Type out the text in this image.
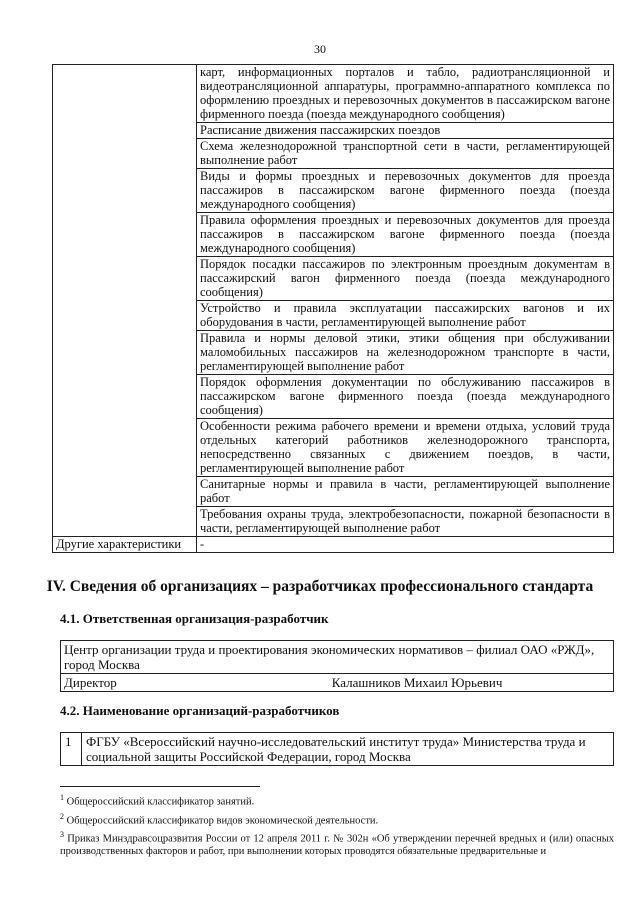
30
	карт, информационных порталов и табло, радиотрансляционной и видеотрансляционной аппаратуры, программно-аппаратного комплекса по оформлению проездных и перевозочных документов в пассажирском вагоне фирменного поезда (поезда международного сообщения)
	Расписание движения пассажирских поездов
	Схема железнодорожной транспортной сети в части, регламентирующей выполнение работ
	Виды и формы проездных и перевозочных документов для проезда пассажиров в пассажирском вагоне фирменного поезда (поезда международного сообщения)
	Правила оформления проездных и перевозочных документов для проезда пассажиров в пассажирском вагоне фирменного поезда (поезда международного сообщения)
	Порядок посадки пассажиров по электронным проездным документам в пассажирский вагон фирменного поезда (поезда международного сообщения)
	Устройство и правила эксплуатации пассажирских вагонов и их оборудования в части, регламентирующей выполнение работ
	Правила и нормы деловой этики, этики общения при обслуживании маломобильных пассажиров на железнодорожном транспорте в части, регламентирующей выполнение работ
	Порядок оформления документации по обслуживанию пассажиров в пассажирском вагоне фирменного поезда (поезда международного сообщения)
	Особенности режима рабочего времени и времени отдыха, условий труда отдельных категорий работников железнодорожного транспорта, непосредственно связанных с движением поездов, в части, регламентирующей выполнение работ
	Санитарные нормы и правила в части, регламентирующей выполнение работ
	Требования охраны труда, электробезопасности, пожарной безопасности в части, регламентирующей выполнение работ
Другие характеристики	-
IV. Сведения об организациях – разработчиках профессионального стандарта
4.1. Ответственная организация-разработчик
Центр организации труда и проектирования экономических нормативов – филиал ОАО «РЖД», город Москва
Директор	Калашников Михаил Юрьевич
4.2. Наименование организаций-разработчиков
1	ФГБУ «Всероссийский научно-исследовательский институт труда» Министерства труда и социальной защиты Российской Федерации, город Москва

$^1$ Общероссийский классификатор занятий.

$^2$ Общероссийский классификатор видов экономической деятельности.

$^3$ Приказ Минздравсоцразвития России от 12 апреля 2011 г. № 302н «Об утверждении перечней вредных и (или) опасных производственных факторов и работ, при выполнении которых проводятся обязательные предварительные и
